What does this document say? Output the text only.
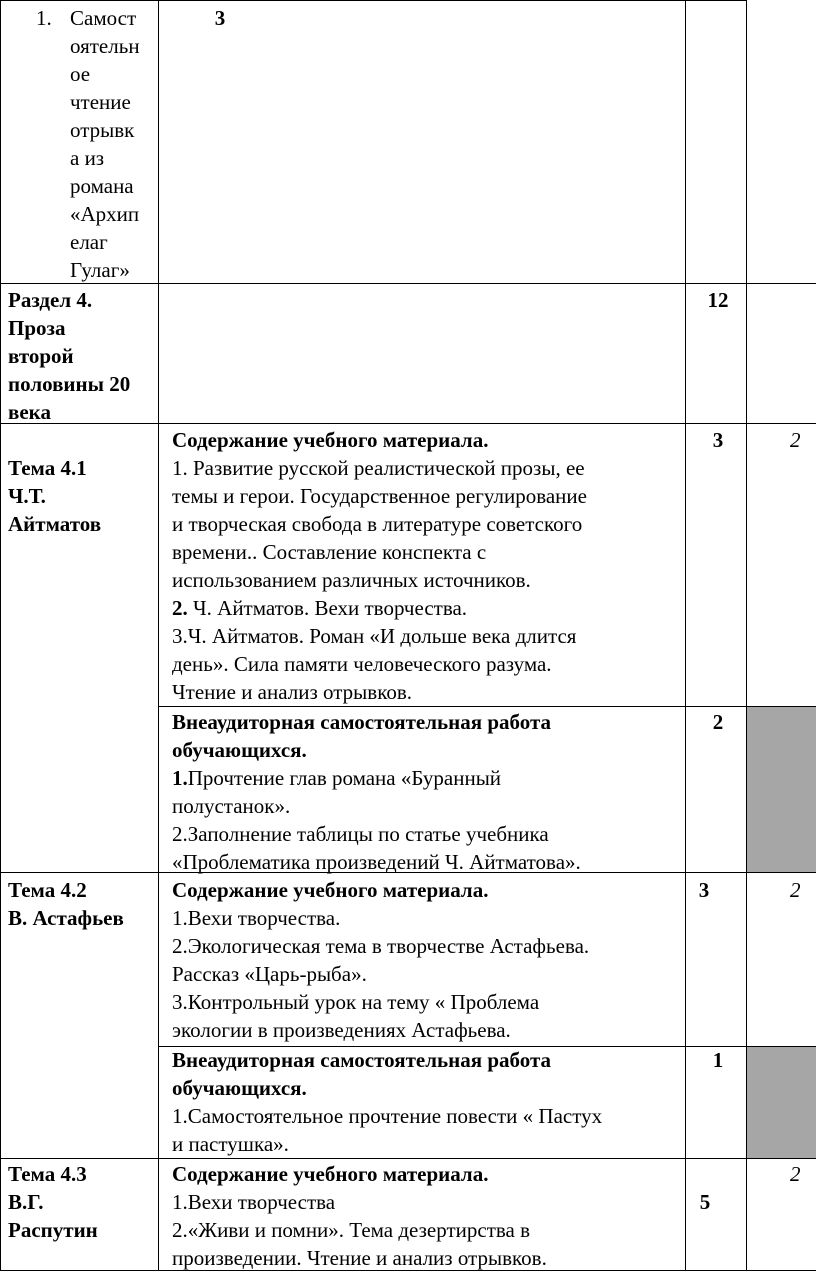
1. Самост
оятельн
ое
чтение
отрывк
а из
романа
«Архип
елаг
Гулаг»
3
Раздел 4.
Проза
второй
половины 20
века
12
Тема 4.1
Ч.Т.
Айтматов
Содержание учебного материала.
1. Развитие русской реалистической прозы, ее
темы и герои. Государственное регулирование
и творческая свобода в литературе советского
времени.. Составление конспекта с
использованием различных источников.
2. Ч. Айтматов. Вехи творчества.
3.Ч. Айтматов. Роман «И дольше века длится
день». Сила памяти человеческого разума.
Чтение и анализ отрывков.
3	2
Внеаудиторная самостоятельная работа
обучающихся.
1.Прочтение глав романа «Буранный
полустанок».
2.Заполнение таблицы по статье учебника
«Проблематика произведений Ч. Айтматова».
2
Тема 4.2
В. Астафьев
Содержание учебного материала.
1.Вехи творчества.
2.Экологическая тема в творчестве Астафьева.
Рассказ «Царь-рыба».
3.Контрольный урок на тему « Проблема
экологии в произведениях Астафьева.
3	2
Внеаудиторная самостоятельная работа
обучающихся.
1.Самостоятельное прочтение повести « Пастух
и пастушка».
1
Тема 4.3
В.Г.
Распутин
Содержание учебного материала.
1.Вехи творчества
2.«Живи и помни». Тема дезертирства в
произведении. Чтение и анализ отрывков.
5
2
